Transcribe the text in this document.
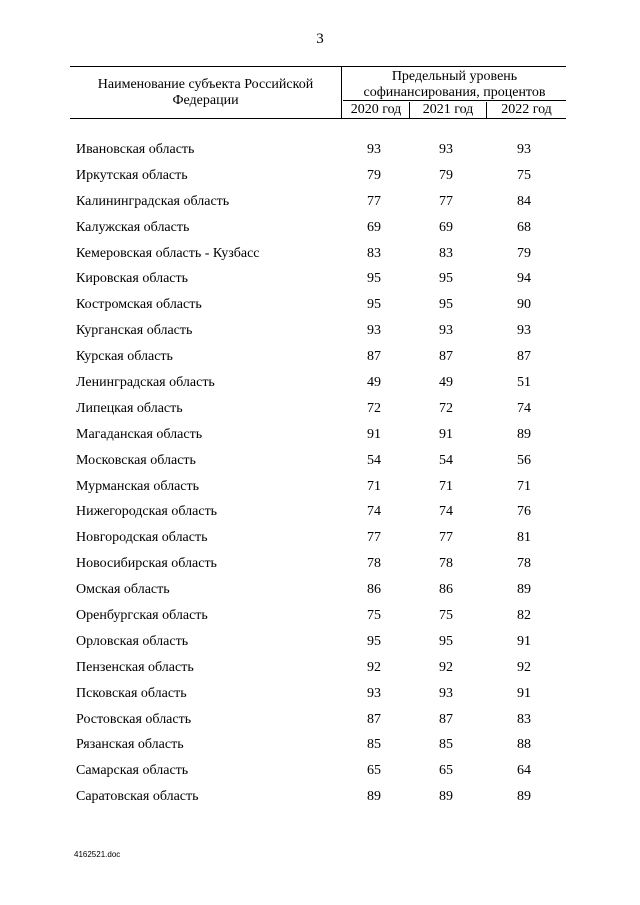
3
Наименование субъекта Российской Федерации
Предельный уровень софинансирования, процентов
2020 год	2021 год	2022 год
Ивановская область	93	93	93
Иркутская область	79	79	75
Калининградская область	77	77	84
Калужская область	69	69	68
Кемеровская область - Кузбасс	83	83	79
Кировская область	95	95	94
Костромская область	95	95	90
Курганская область	93	93	93
Курская область	87	87	87
Ленинградская область	49	49	51
Липецкая область	72	72	74
Магаданская область	91	91	89
Московская область	54	54	56
Мурманская область	71	71	71
Нижегородская область	74	74	76
Новгородская область	77	77	81
Новосибирская область	78	78	78
Омская область	86	86	89
Оренбургская область	75	75	82
Орловская область	95	95	91
Пензенская область	92	92	92
Псковская область	93	93	91
Ростовская область	87	87	83
Рязанская область	85	85	88
Самарская область	65	65	64
Саратовская область	89	89	89
4162521.doc
